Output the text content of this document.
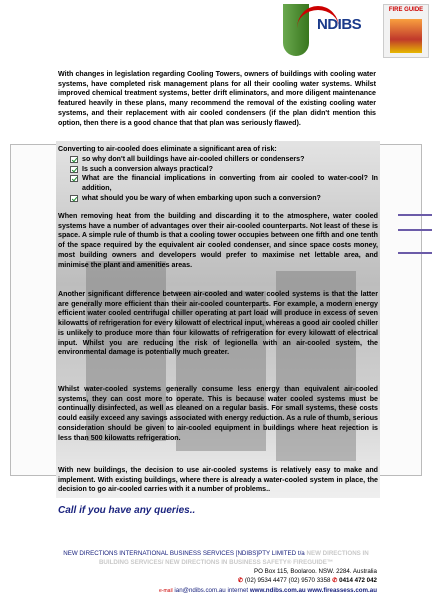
NDIBS
FIRE GUIDE
With changes in legislation regarding Cooling Towers, owners of buildings with cooling water systems, have completed risk management plans for all their cooling water systems. Whilst improved chemical treatment systems, better drift eliminators, and more diligent maintenance featured heavily in these plans, many recommend the removal of the existing cooling water systems, and their replacement with air cooled condensers (if the plan didn't mention this option, then there is a good chance that that plan was seriously flawed).
Converting to air-cooled does eliminate a significant area of risk:
so why don't all buildings have air-cooled chillers or condensers?
Is such a conversion always practical?
What are the financial implications in converting from air cooled to water-cool? In addition,
what should you be wary of when embarking upon such a conversion?
When removing heat from the building and discarding it to the atmosphere, water cooled systems have a number of advantages over their air-cooled counterparts. Not least of these is space. A simple rule of thumb is that a cooling tower occupies between one fifth and one tenth of the space required by the equivalent air cooled condenser, and since space costs money, most building owners and developers would prefer to maximise net lettable area, and minimise the plant and amenities areas.
Another significant difference between air-cooled and water cooled systems is that the latter are generally more efficient than their air-cooled counterparts. For example, a modern energy efficient water cooled centrifugal chiller operating at part load will produce in excess of seven kilowatts of refrigeration for every kilowatt of electrical input, whereas a good air cooled chiller is unlikely to produce more than four kilowatts of refrigeration for every kilowatt of electrical input. Whilst you are reducing the risk of legionella with an air-cooled system, the environmental damage is potentially much greater.
Whilst water-cooled systems generally consume less energy than equivalent air-cooled systems, they can cost more to operate. This is because water cooled systems must be continually disinfected, as well as cleaned on a regular basis. For small systems, these costs could easily exceed any savings associated with energy reduction. As a rule of thumb, serious consideration should be given to air-cooled equipment in buildings where heat rejection is less than 500 kilowatts refrigeration.
With new buildings, the decision to use air-cooled systems is relatively easy to make and implement. With existing buildings, where there is already a water-cooled system in place, the decision to go air-cooled carries with it a number of problems..
Call if you have any queries..
NEW DIRECTIONS INTERNATIONAL BUSINESS SERVICES [NDIBS]PTY LIMITED t/a NEW DIRECTIONS IN BUILDING SERVICES/ NEW DIRECTIONS IN BUSINESS SAFETY® FIREGUIDE™
PO Box 115, Boolaroo. NSW. 2284. Australia
✆ (02) 9534 4477 (02) 9570 3358 ✆ 0414 472 042
e-mail ian@ndibs.com.au internet www.ndibs.com.au www.fireassess.com.au
